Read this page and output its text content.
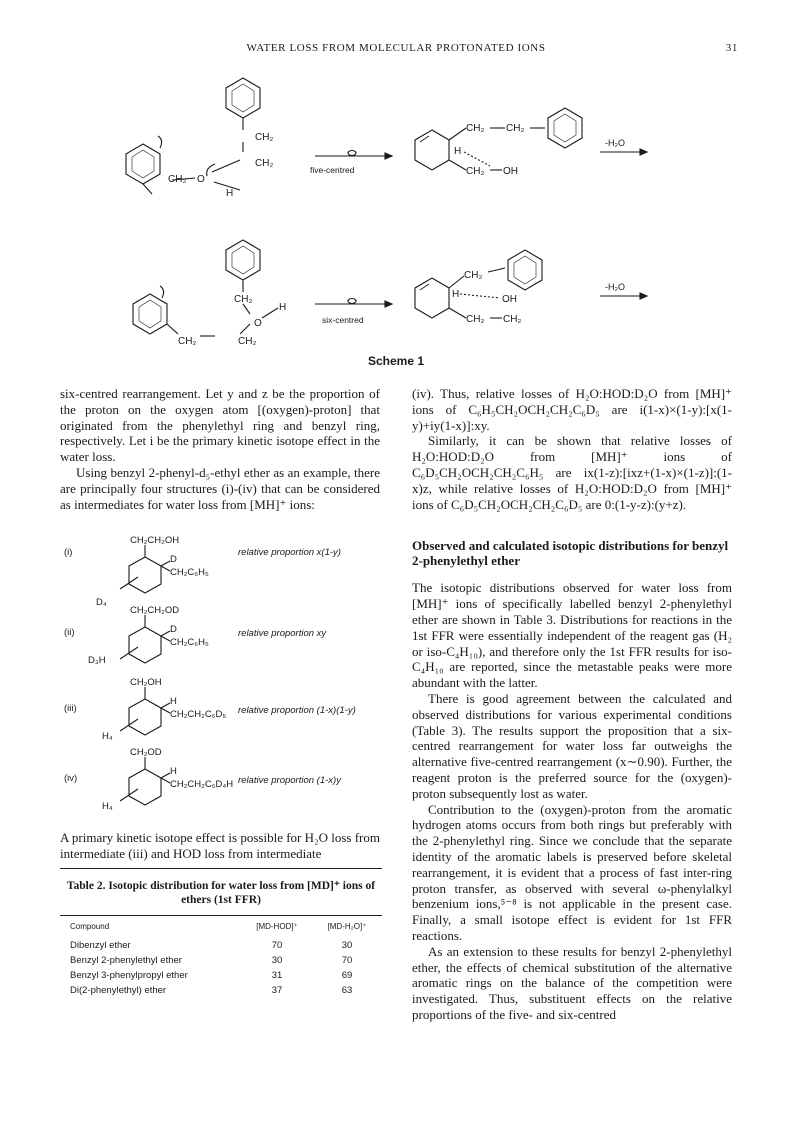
WATER LOSS FROM MOLECULAR PROTONATED IONS	31
CH₂
CH₂
CH₂ O
H
five-centred
CH₂ CH₂
H
CH₂ OH
-H₂O
CH₂
O
H
CH₂
CH₂
six-centred
CH₂
H	OH
CH₂ CH₂
-H₂O
Scheme 1

six-centred rearrangement. Let y and z be the proportion of the proton on the oxygen atom [(oxygen)-proton] that originated from the phenylethyl ring and benzyl ring, respectively. Let i be the primary kinetic isotope effect in the water loss.

Using benzyl 2-phenyl-d₅-ethyl ether as an example, there are principally four structures (i)-(iv) that can be considered as intermediates for water loss from [MH]⁺ ions:

(i)
CH₂CH₂OH
D
CH₂C₆H₅
D₄
relative proportion x(1-y)
(ii)
CH₂CH₂OD
D
CH₂C₆H₅
D₃H
relative proportion xy
(iii)
CH₂OH
H
CH₂CH₂C₆D₅
H₄
relative proportion (1-x)(1-y)
(iv)
CH₂OD
H
CH₂CH₂C₆D₄H
H₄
relative proportion (1-x)y

A primary kinetic isotope effect is possible for H₂O loss from intermediate (iii) and HOD loss from intermediate

Table 2. Isotopic distribution for water loss from [MD]⁺ ions of ethers (1st FFR)
Compound	[MD-HOD]⁺	[MD-H₂O]⁺
Dibenzyl ether	70	30
Benzyl 2-phenylethyl ether	30	70
Benzyl 3-phenylpropyl ether	31	69
Di(2-phenylethyl) ether	37	63

(iv). Thus, relative losses of H₂O:HOD:D₂O from [MH]⁺ ions of C₆H₅CH₂OCH₂CH₂C₆D₅ are i(1-x)×(1-y):[x(1-y)+iy(1-x)]:xy.

Similarly, it can be shown that relative losses of H₂O:HOD:D₂O from [MH]⁺ ions of C₆D₅CH₂OCH₂CH₂C₆H₅ are ix(1-z):[ixz+(1-x)×(1-z)]:(1-x)z, while relative losses of H₂O:HOD:D₂O from [MH]⁺ ions of C₆D₅CH₂OCH₂CH₂C₆D₅ are 0:(1-y-z):(y+z).

Observed and calculated isotopic distributions for benzyl 2-phenylethyl ether

The isotopic distributions observed for water loss from [MH]⁺ ions of specifically labelled benzyl 2-phenylethyl ether are shown in Table 3. Distributions for reactions in the 1st FFR were essentially independent of the reagent gas (H₂ or iso-C₄H₁₀), and therefore only the 1st FFR results for iso-C₄H₁₀ are reported, since the metastable peaks were more abundant with the latter.

There is good agreement between the calculated and observed distributions for various experimental conditions (Table 3). The results support the proposition that a six-centred rearrangement for water loss far outweighs the alternative five-centred rearrangement (x∼0.90). Further, the reagent proton is the preferred source for the (oxygen)-proton subsequently lost as water.

Contribution to the (oxygen)-proton from the aromatic hydrogen atoms occurs from both rings but preferably with the 2-phenylethyl ring. Since we conclude that the separate identity of the aromatic labels is preserved before skeletal rearrangement, it is evident that a process of fast inter-ring proton transfer, as observed with several ω-phenylalkyl benzenium ions,⁵⁻⁸ is not applicable in the present case. Finally, a small isotope effect is evident for 1st FFR reactions.

As an extension to these results for benzyl 2-phenylethyl ether, the effects of chemical substitution of the alternative aromatic rings on the balance of the competition were investigated. Thus, substituent effects on the relative proportions of the five- and six-centred
